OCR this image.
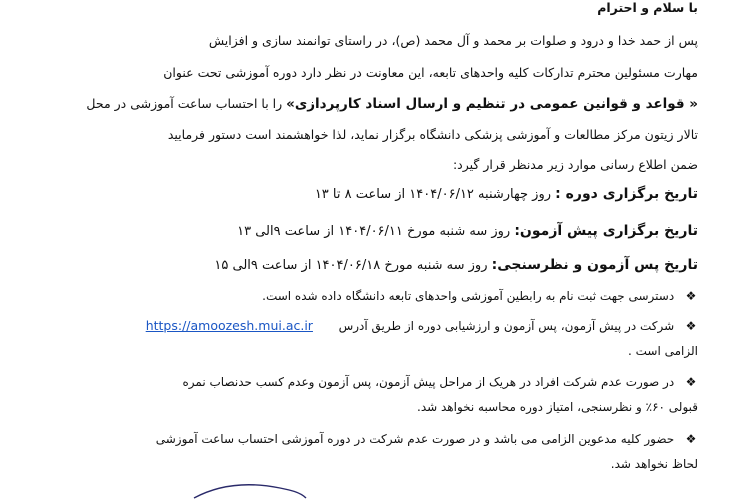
با سلام و احترام
پس از حمد خدا و درود و صلوات بر محمد و آل محمد (ص)، در راستای توانمند سازی و افزایش
مهارت مسئولین محترم تدارکات کلیه واحدهای تابعه، این معاونت در نظر دارد دوره آموزشی تحت عنوان
« قواعد و قوانین عمومی در تنظیم و ارسال اسناد کارپردازی» را با احتساب ساعت آموزشی در محل
تالار زیتون مرکز مطالعات و آموزشی پزشکی دانشگاه برگزار نماید، لذا خواهشمند است دستور فرمایید
ضمن اطلاع رسانی موارد زیر مدنظر قرار گیرد:
تاریخ برگزاری دوره : روز چهارشنبه ۱۴۰۴/۰۶/۱۲ از ساعت ۸ تا ۱۳
تاریخ برگزاری پیش آزمون: روز سه شنبه مورخ ۱۴۰۴/۰۶/۱۱ از ساعت ۹الی ۱۳
تاریخ پس آزمون و نظرسنجی: روز سه شنبه مورخ ۱۴۰۴/۰۶/۱۸ از ساعت ۹الی ۱۵
❖ دسترسی جهت ثبت نام به رابطین آموزشی واحدهای تابعه دانشگاه داده شده است.
❖ شرکت در پیش آزمون، پس آزمون و ارزشیابی دوره از طریق آدرس  https://amoozesh.mui.ac.ir
الزامی است .
❖ در صورت عدم شرکت افراد در هریک از مراحل پیش آزمون، پس آزمون وعدم کسب حدنصاب نمره
قبولی ۶۰٪ و نظرسنجی، امتیاز دوره محاسبه نخواهد شد.
❖ حضور کلیه مدعوین الزامی می باشد و در صورت عدم شرکت در دوره آموزشی احتساب ساعت آموزشی
لحاظ نخواهد شد.
